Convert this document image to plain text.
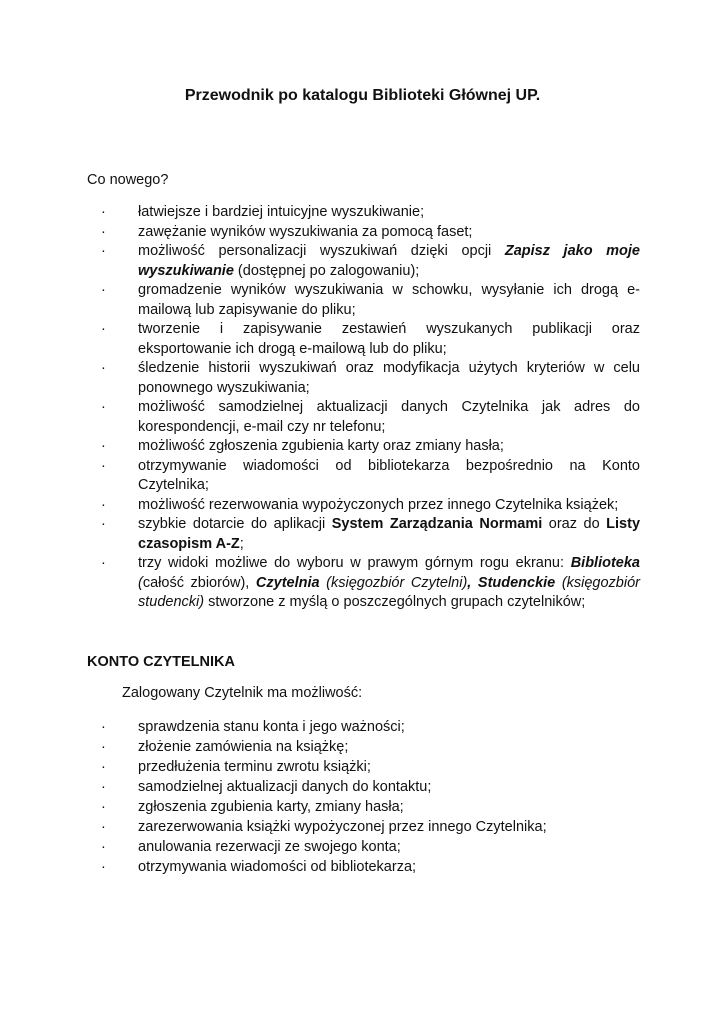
Przewodnik po katalogu Biblioteki Głównej UP.

Co nowego?

· łatwiejsze i bardziej intuicyjne wyszukiwanie;
· zawężanie wyników wyszukiwania za pomocą faset;
· możliwość personalizacji wyszukiwań dzięki opcji Zapisz jako moje wyszukiwanie (dostępnej po zalogowaniu);
· gromadzenie wyników wyszukiwania w schowku, wysyłanie ich drogą e-mailową lub zapisywanie do pliku;
· tworzenie i zapisywanie zestawień wyszukanych publikacji oraz eksportowanie ich drogą e-mailową lub do pliku;
· śledzenie historii wyszukiwań oraz modyfikacja użytych kryteriów w celu ponownego wyszukiwania;
· możliwość samodzielnej aktualizacji danych Czytelnika jak adres do korespondencji, e-mail czy nr telefonu;
· możliwość zgłoszenia zgubienia karty oraz zmiany hasła;
· otrzymywanie wiadomości od bibliotekarza bezpośrednio na Konto Czytelnika;
· możliwość rezerwowania wypożyczonych przez innego Czytelnika książek;
· szybkie dotarcie do aplikacji System Zarządzania Normami oraz do Listy czasopism A-Z;
· trzy widoki możliwe do wyboru w prawym górnym rogu ekranu: Biblioteka (całość zbiorów), Czytelnia (księgozbiór Czytelni), Studenckie (księgozbiór studencki) stworzone z myślą o poszczególnych grupach czytelników;

KONTO CZYTELNIKA

Zalogowany Czytelnik ma możliwość:

· sprawdzenia stanu konta i jego ważności;
· złożenie zamówienia na książkę;
· przedłużenia terminu zwrotu książki;
· samodzielnej aktualizacji danych do kontaktu;
· zgłoszenia zgubienia karty, zmiany hasła;
· zarezerwowania książki wypożyczonej przez innego Czytelnika;
· anulowania rezerwacji ze swojego konta;
· otrzymywania wiadomości od bibliotekarza;
